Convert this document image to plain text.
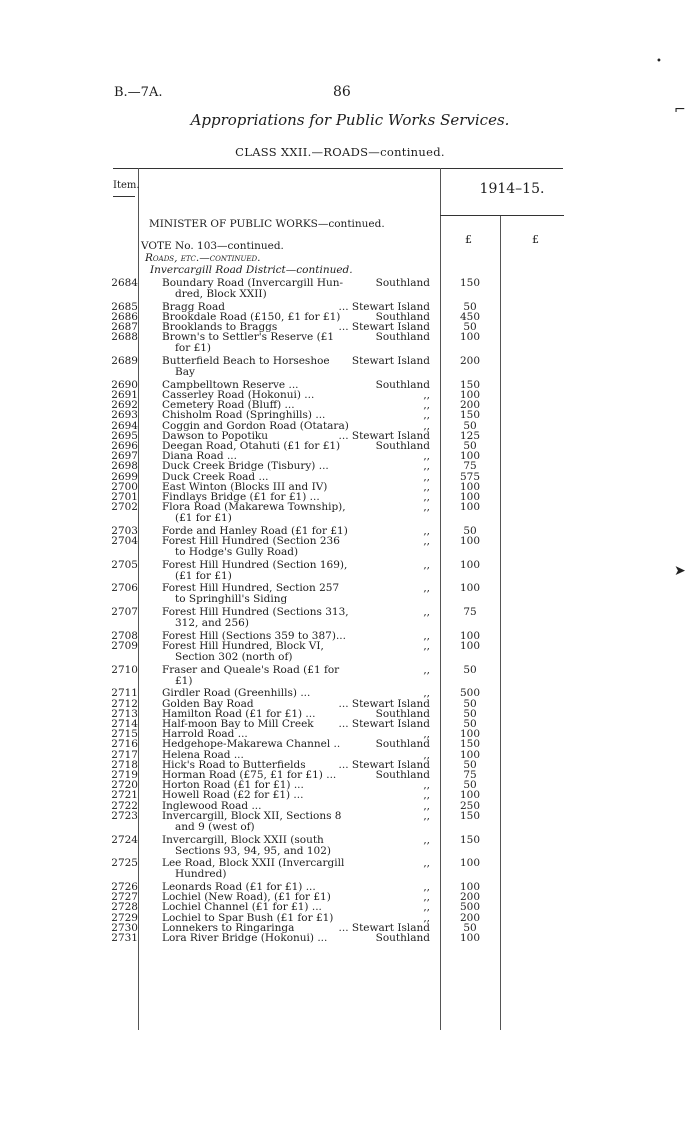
B.—7A.	86
Appropriations for Public Works Services.
CLASS XXII.—ROADS—continued.
Item.	1914–15.
MINISTER OF PUBLIC WORKS—continued.
£	£
VOTE No. 103—continued.
Roads, etc.—continued.
Invercargill Road District—continued.
2684 Boundary Road (Invercargill Hun-
dred, Block XXII)
Southland	150
2685 Bragg Road	... Stewart Island	50
2686 Brookdale Road (£150, £1 for £1)	Southland	450
2687 Brooklands to Braggs	... Stewart Island	50
2688 Brown's to Settler's Reserve (£1
for £1)
Southland	100
2689 Butterfield Beach to Horseshoe
Bay
Stewart Island	200
2690 Campbelltown Reserve ...	Southland	150
2691 Casserley Road (Hokonui) ...	,,	100
2692 Cemetery Road (Bluff) ...	,,	200
2693 Chisholm Road (Springhills) ...	,,	150
2694 Coggin and Gordon Road (Otatara)	,,	50
2695 Dawson to Popotiku	... Stewart Island	125
2696 Deegan Road, Otahuti (£1 for £1)	Southland	50
2697 Diana Road ...	,,	100
2698 Duck Creek Bridge (Tisbury) ...	,,	75
2699 Duck Creek Road ...	,,	575
2700 East Winton (Blocks III and IV)	,,	100
2701 Findlays Bridge (£1 for £1) ...	,,	100
2702 Flora Road (Makarewa Township),
(£1 for £1)
,,	100
2703 Forde and Hanley Road (£1 for £1)	,,	50
2704 Forest Hill Hundred (Section 236
to Hodge's Gully Road)
,,	100
2705 Forest Hill Hundred (Section 169),
(£1 for £1)
,,	100
2706 Forest Hill Hundred, Section 257
to Springhill's Siding
,,	100
2707 Forest Hill Hundred (Sections 313,
312, and 256)
,,	75
2708 Forest Hill (Sections 359 to 387)...	,,	100
2709 Forest Hill Hundred, Block VI,
Section 302 (north of)
,,	100
2710 Fraser and Queale's Road (£1 for
£1)
,,	50
2711 Girdler Road (Greenhills) ...	,,	500
2712 Golden Bay Road	... Stewart Island	50
2713 Hamilton Road (£1 for £1) ...	Southland	50
2714 Half-moon Bay to Mill Creek	... Stewart Island	50
2715 Harrold Road ...	,,	100
2716 Hedgehope-Makarewa Channel ..	Southland	150
2717 Helena Road ...	,,	100
2718 Hick's Road to Butterfields	... Stewart Island	50
2719 Horman Road (£75, £1 for £1) ...	Southland	75
2720 Horton Road (£1 for £1) ...	,,	50
2721 Howell Road (£2 for £1) ...	,,	100
2722 Inglewood Road ...	,,	250
2723 Invercargill, Block XII, Sections 8
and 9 (west of)
,,	150
2724 Invercargill, Block XXII (south
Sections 93, 94, 95, and 102)
,,	150
2725 Lee Road, Block XXII (Invercargill
Hundred)
,,	100
2726 Leonards Road (£1 for £1) ...	,,	100
2727 Lochiel (New Road), (£1 for £1)	,,	200
2728 Lochiel Channel (£1 for £1) ...	,,	500
2729 Lochiel to Spar Bush (£1 for £1)	,,	200
2730 Lonnekers to Ringaringa	... Stewart Island	50
2731 Lora River Bridge (Hokonui) ...	Southland	100
•
⌐
➤
